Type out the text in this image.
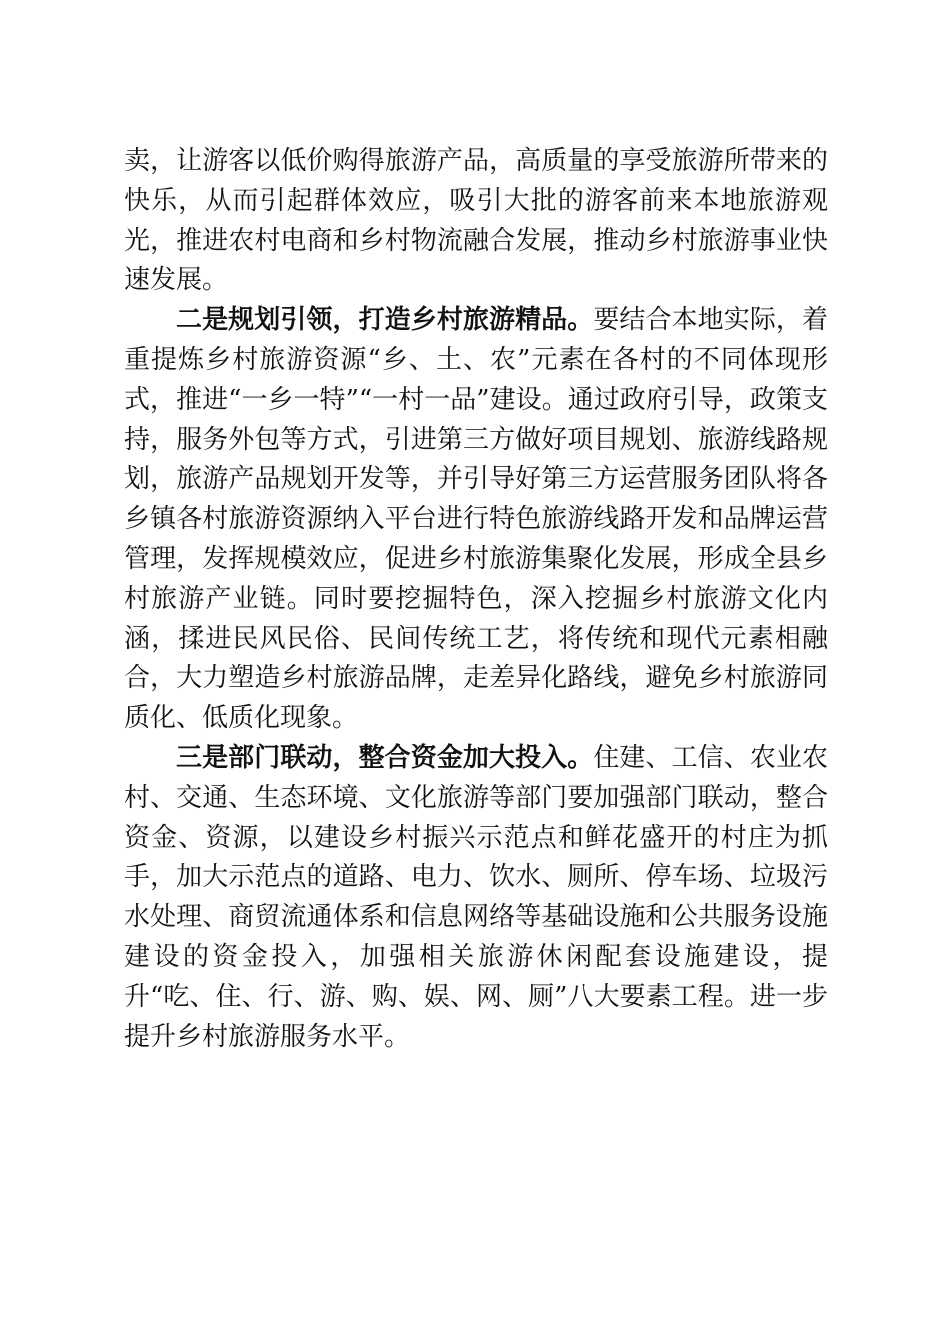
卖，让游客以低价购得旅游产品，高质量的享受旅游所带来的快乐，从而引起群体效应，吸引大批的游客前来本地旅游观光，推进农村电商和乡村物流融合发展，推动乡村旅游事业快速发展。

二是规划引领，打造乡村旅游精品。要结合本地实际，着重提炼乡村旅游资源“乡、土、农”元素在各村的不同体现形式，推进“一乡一特”“一村一品”建设。通过政府引导，政策支持，服务外包等方式，引进第三方做好项目规划、旅游线路规划，旅游产品规划开发等，并引导好第三方运营服务团队将各乡镇各村旅游资源纳入平台进行特色旅游线路开发和品牌运营管理，发挥规模效应，促进乡村旅游集聚化发展，形成全县乡村旅游产业链。同时要挖掘特色，深入挖掘乡村旅游文化内涵，揉进民风民俗、民间传统工艺，将传统和现代元素相融合，大力塑造乡村旅游品牌，走差异化路线，避免乡村旅游同质化、低质化现象。

三是部门联动，整合资金加大投入。住建、工信、农业农村、交通、生态环境、文化旅游等部门要加强部门联动，整合资金、资源，以建设乡村振兴示范点和鲜花盛开的村庄为抓手，加大示范点的道路、电力、饮水、厕所、停车场、垃圾污水处理、商贸流通体系和信息网络等基础设施和公共服务设施建设的资金投入，加强相关旅游休闲配套设施建设，提升“吃、住、行、游、购、娱、网、厕”八大要素工程。进一步提升乡村旅游服务水平。
